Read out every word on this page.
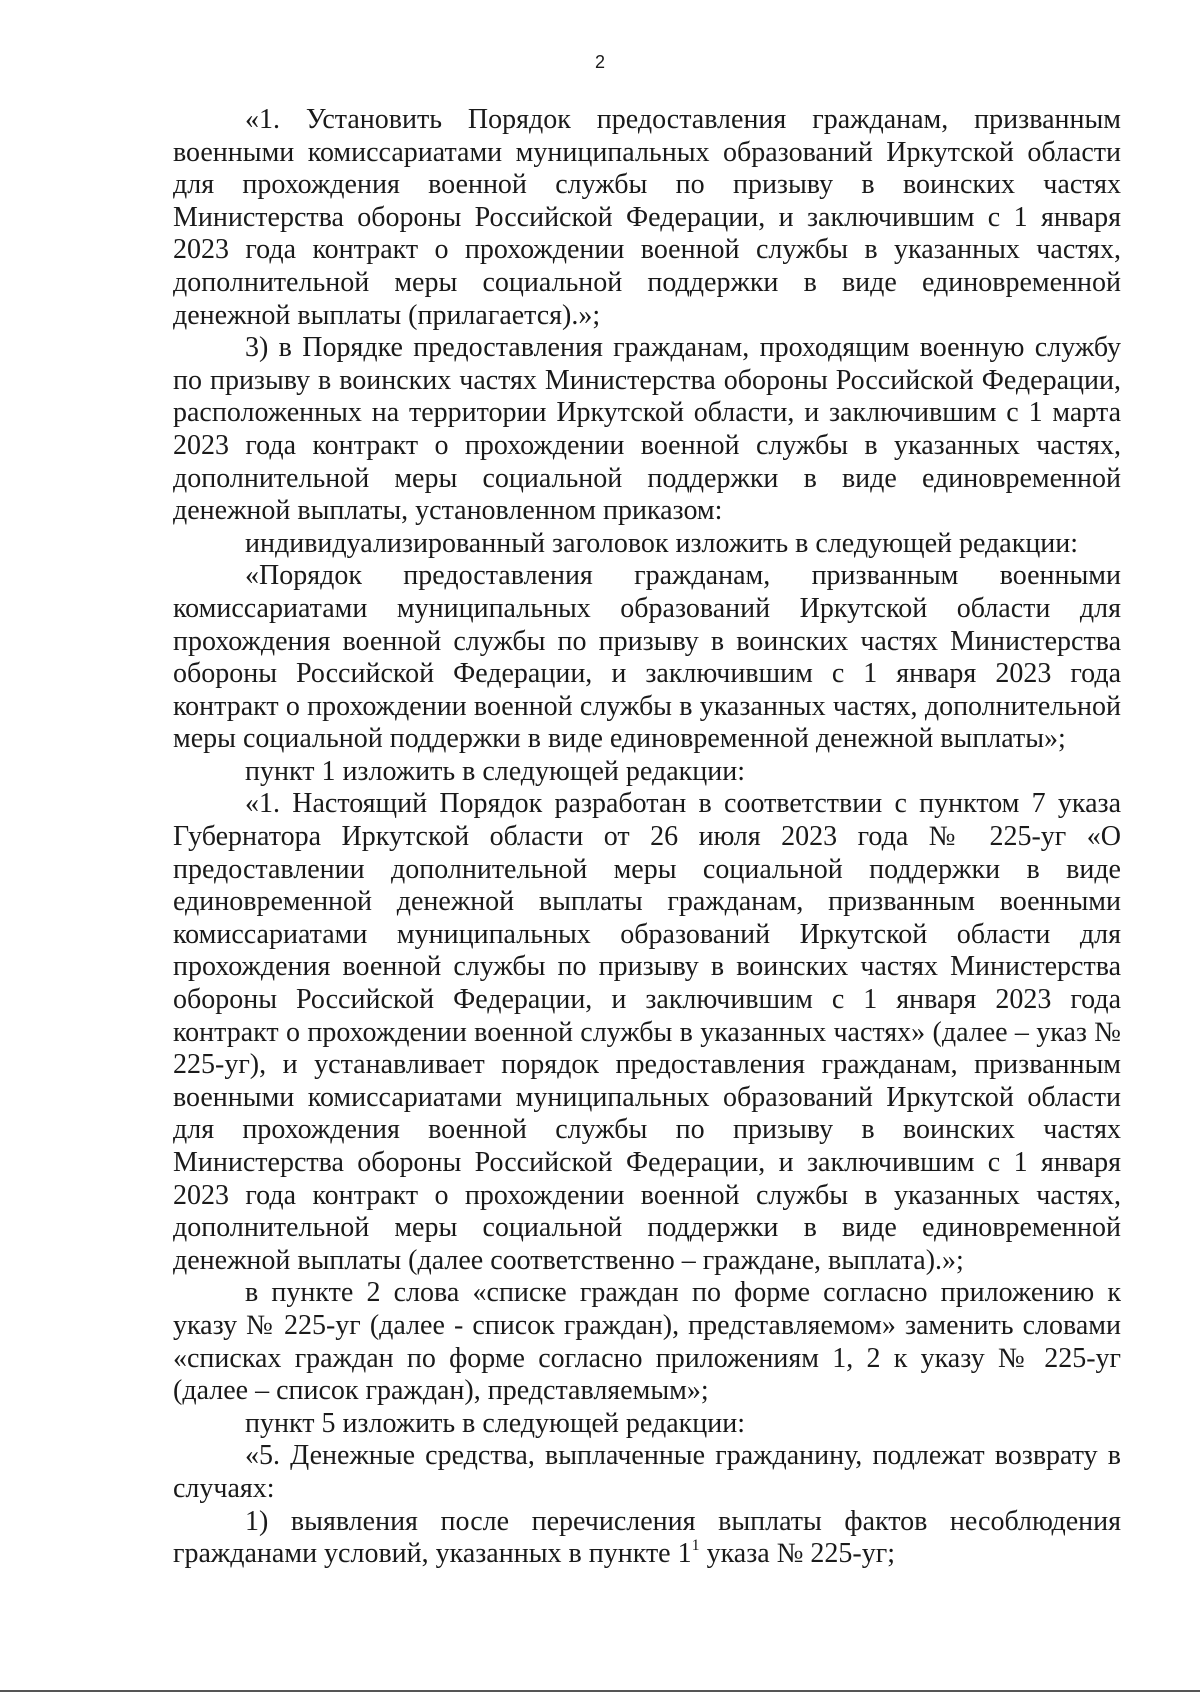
2

«1. Установить Порядок предоставления гражданам, призванным военными комиссариатами муниципальных образований Иркутской области для прохождения военной службы по призыву в воинских частях Министерства обороны Российской Федерации, и заключившим с 1 января 2023 года контракт о прохождении военной службы в указанных частях, дополнительной меры социальной поддержки в виде единовременной денежной выплаты (прилагается).»;

3) в Порядке предоставления гражданам, проходящим военную службу по призыву в воинских частях Министерства обороны Российской Федерации, расположенных на территории Иркутской области, и заключившим с 1 марта 2023 года контракт о прохождении военной службы в указанных частях, дополнительной меры социальной поддержки в виде единовременной денежной выплаты, установленном приказом:

индивидуализированный заголовок изложить в следующей редакции:

«Порядок предоставления гражданам, призванным военными комиссариатами муниципальных образований Иркутской области для прохождения военной службы по призыву в воинских частях Министерства обороны Российской Федерации, и заключившим с 1 января 2023 года контракт о прохождении военной службы в указанных частях, дополнительной меры социальной поддержки в виде единовременной денежной выплаты»;

пункт 1 изложить в следующей редакции:

«1. Настоящий Порядок разработан в соответствии с пунктом 7 указа Губернатора Иркутской области от 26 июля 2023 года № 225-уг «О предоставлении дополнительной меры социальной поддержки в виде единовременной денежной выплаты гражданам, призванным военными комиссариатами муниципальных образований Иркутской области для прохождения военной службы по призыву в воинских частях Министерства обороны Российской Федерации, и заключившим с 1 января 2023 года контракт о прохождении военной службы в указанных частях» (далее – указ № 225-уг), и устанавливает порядок предоставления гражданам, призванным военными комиссариатами муниципальных образований Иркутской области для прохождения военной службы по призыву в воинских частях Министерства обороны Российской Федерации, и заключившим с 1 января 2023 года контракт о прохождении военной службы в указанных частях, дополнительной меры социальной поддержки в виде единовременной денежной выплаты (далее соответственно – граждане, выплата).»;

в пункте 2 слова «списке граждан по форме согласно приложению к указу № 225-уг (далее - список граждан), представляемом» заменить словами «списках граждан по форме согласно приложениям 1, 2 к указу № 225-уг (далее – список граждан), представляемым»;

пункт 5 изложить в следующей редакции:

«5. Денежные средства, выплаченные гражданину, подлежат возврату в случаях:

1) выявления после перечисления выплаты фактов несоблюдения гражданами условий, указанных в пункте $1^1$ указа № 225-уг;
